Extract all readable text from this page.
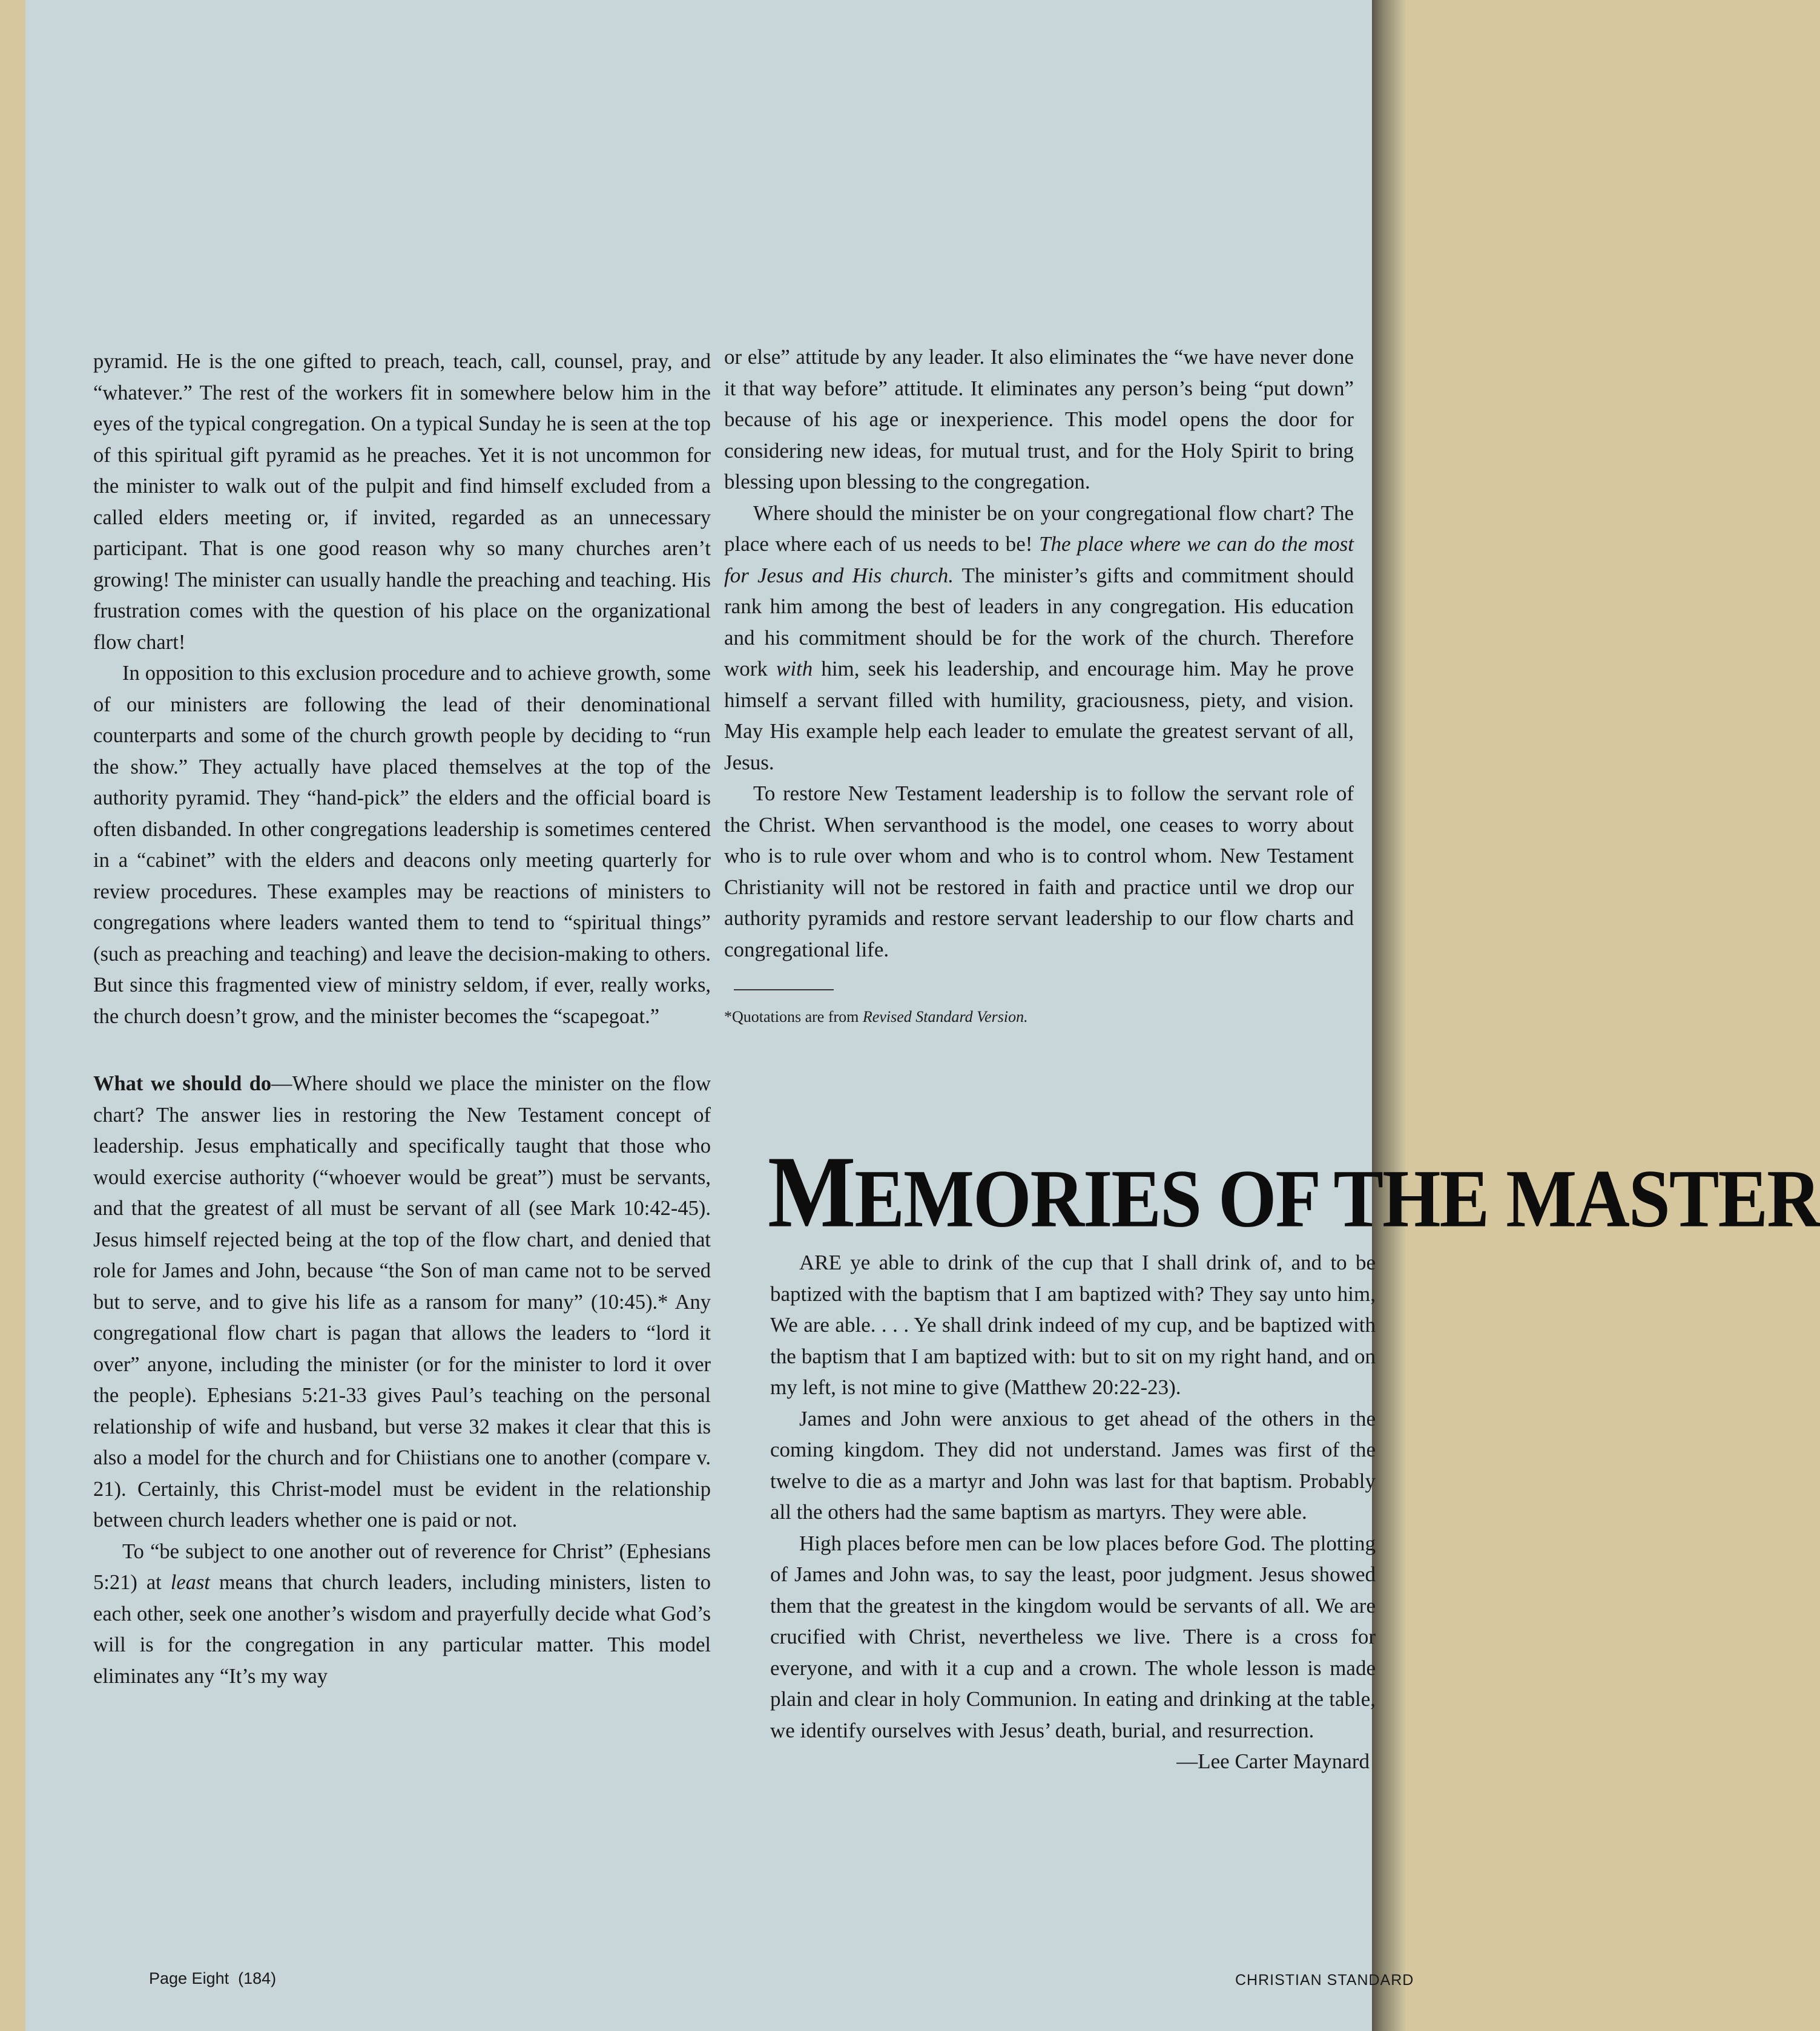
pyramid. He is the one gifted to preach, teach, call, counsel, pray, and “whatever.” The rest of the workers fit in somewhere below him in the eyes of the typical congregation. On a typical Sunday he is seen at the top of this spiritual gift pyramid as he preaches. Yet it is not uncommon for the minister to walk out of the pulpit and find himself excluded from a called elders meeting or, if invited, regarded as an unnecessary participant. That is one good reason why so many churches aren’t growing! The minister can usually handle the preaching and teaching. His frustration comes with the question of his place on the organizational flow chart!

In opposition to this exclusion procedure and to achieve growth, some of our ministers are following the lead of their denominational counterparts and some of the church growth people by deciding to “run the show.” They actually have placed themselves at the top of the authority pyramid. They “hand-pick” the elders and the official board is often disbanded. In other congregations leadership is sometimes centered in a “cabinet” with the elders and deacons only meeting quarterly for review procedures. These examples may be reactions of ministers to congregations where leaders wanted them to tend to “spiritual things” (such as preaching and teaching) and leave the decision-making to others. But since this fragmented view of ministry seldom, if ever, really works, the church doesn’t grow, and the minister becomes the “scapegoat.”

What we should do—Where should we place the minister on the flow chart? The answer lies in restoring the New Testament concept of leadership. Jesus emphatically and specifically taught that those who would exercise authority (“whoever would be great”) must be servants, and that the greatest of all must be servant of all (see Mark 10:42-45). Jesus himself rejected being at the top of the flow chart, and denied that role for James and John, because “the Son of man came not to be served but to serve, and to give his life as a ransom for many” (10:45).* Any congregational flow chart is pagan that allows the leaders to “lord it over” anyone, including the minister (or for the minister to lord it over the people). Ephesians 5:21-33 gives Paul’s teaching on the personal relationship of wife and husband, but verse 32 makes it clear that this is also a model for the church and for Chiistians one to another (compare v. 21). Certainly, this Christ-model must be evident in the relationship between church leaders whether one is paid or not.

To “be subject to one another out of reverence for Christ” (Ephesians 5:21) at least means that church leaders, including ministers, listen to each other, seek one another’s wisdom and prayerfully decide what God’s will is for the congregation in any particular matter. This model eliminates any “It’s my way

or else” attitude by any leader. It also eliminates the “we have never done it that way before” attitude. It eliminates any person’s being “put down” because of his age or inexperience. This model opens the door for considering new ideas, for mutual trust, and for the Holy Spirit to bring blessing upon blessing to the congregation.

Where should the minister be on your congregational flow chart? The place where each of us needs to be! The place where we can do the most for Jesus and His church. The minister’s gifts and commitment should rank him among the best of leaders in any congregation. His education and his commitment should be for the work of the church. Therefore work with him, seek his leadership, and encourage him. May he prove himself a servant filled with humility, graciousness, piety, and vision. May His example help each leader to emulate the greatest servant of all, Jesus.

To restore New Testament leadership is to follow the servant role of the Christ. When servanthood is the model, one ceases to worry about who is to rule over whom and who is to control whom. New Testament Christianity will not be restored in faith and practice until we drop our authority pyramids and restore servant leadership to our flow charts and congregational life.

*Quotations are from Revised Standard Version.

MEMORIES OF THE MASTER

ARE ye able to drink of the cup that I shall drink of, and to be baptized with the baptism that I am baptized with? They say unto him, We are able. . . . Ye shall drink indeed of my cup, and be baptized with the baptism that I am baptized with: but to sit on my right hand, and on my left, is not mine to give (Matthew 20:22-23).

James and John were anxious to get ahead of the others in the coming kingdom. They did not understand. James was first of the twelve to die as a martyr and John was last for that baptism. Probably all the others had the same baptism as martyrs. They were able.

High places before men can be low places before God. The plotting of James and John was, to say the least, poor judgment. Jesus showed them that the greatest in the kingdom would be servants of all. We are crucified with Christ, nevertheless we live. There is a cross for everyone, and with it a cup and a crown. The whole lesson is made plain and clear in holy Communion. In eating and drinking at the table, we identify ourselves with Jesus’ death, burial, and resurrection.

—Lee Carter Maynard

Page Eight (184)	CHRISTIAN STANDARD
